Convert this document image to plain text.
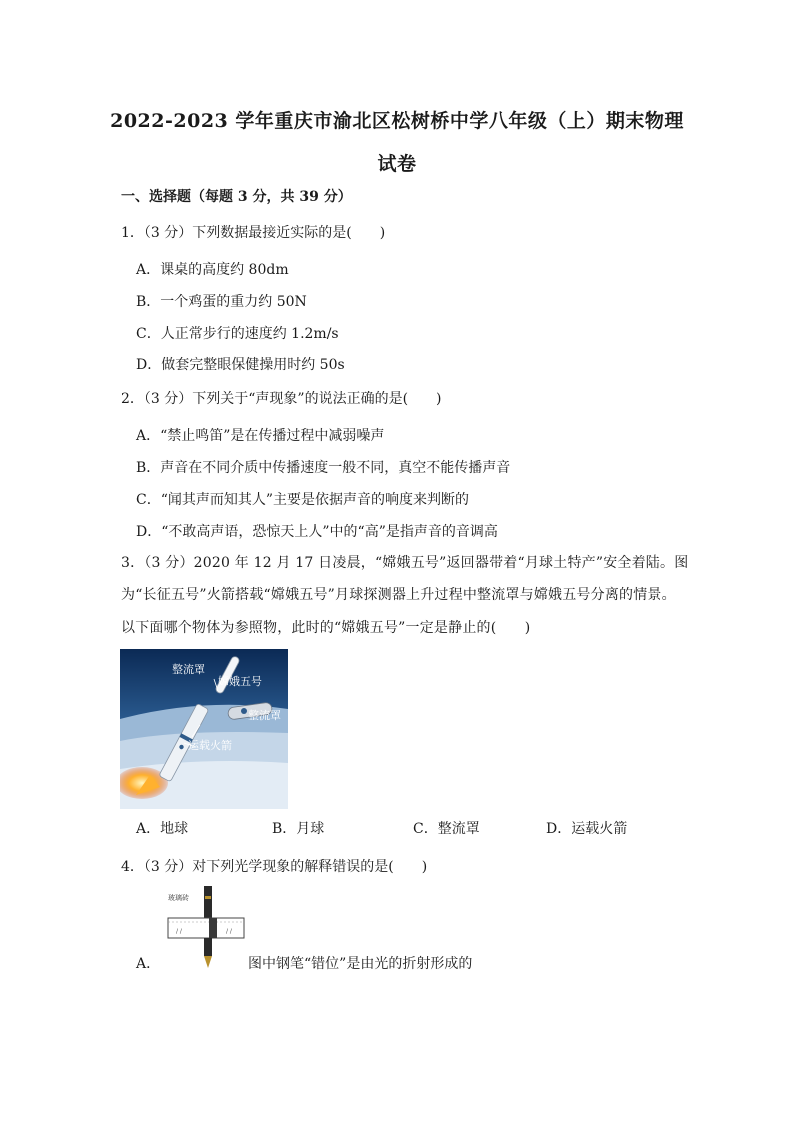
2022-2023 学年重庆市渝北区松树桥中学八年级（上）期末物理
试卷
一、选择题（每题 3 分，共 39 分）
1．（3 分）下列数据最接近实际的是(　　)
A．课桌的高度约 80dm
B．一个鸡蛋的重力约 50N
C．人正常步行的速度约 1.2m/s
D．做套完整眼保健操用时约 50s
2．（3 分）下列关于“声现象”的说法正确的是(　　)
A．“禁止鸣笛”是在传播过程中减弱噪声
B．声音在不同介质中传播速度一般不同，真空不能传播声音
C．“闻其声而知其人”主要是依据声音的响度来判断的
D．“不敢高声语，恐惊天上人”中的“高”是指声音的音调高
3．（3 分）2020 年 12 月 17 日凌晨，“嫦娥五号”返回器带着“月球土特产”安全着陆。图
为“长征五号”火箭搭载“嫦娥五号”月球探测器上升过程中整流罩与嫦娥五号分离的情景。
以下面哪个物体为参照物，此时的“嫦娥五号”一定是静止的(　　)
整流罩
嫦娥五号
整流罩
运载火箭
A．地球	B．月球	C．整流罩	D．运载火箭
4．（3 分）对下列光学现象的解释错误的是(　　)
玻璃砖
/ /	/ /
A．	图中钢笔“错位”是由光的折射形成的
